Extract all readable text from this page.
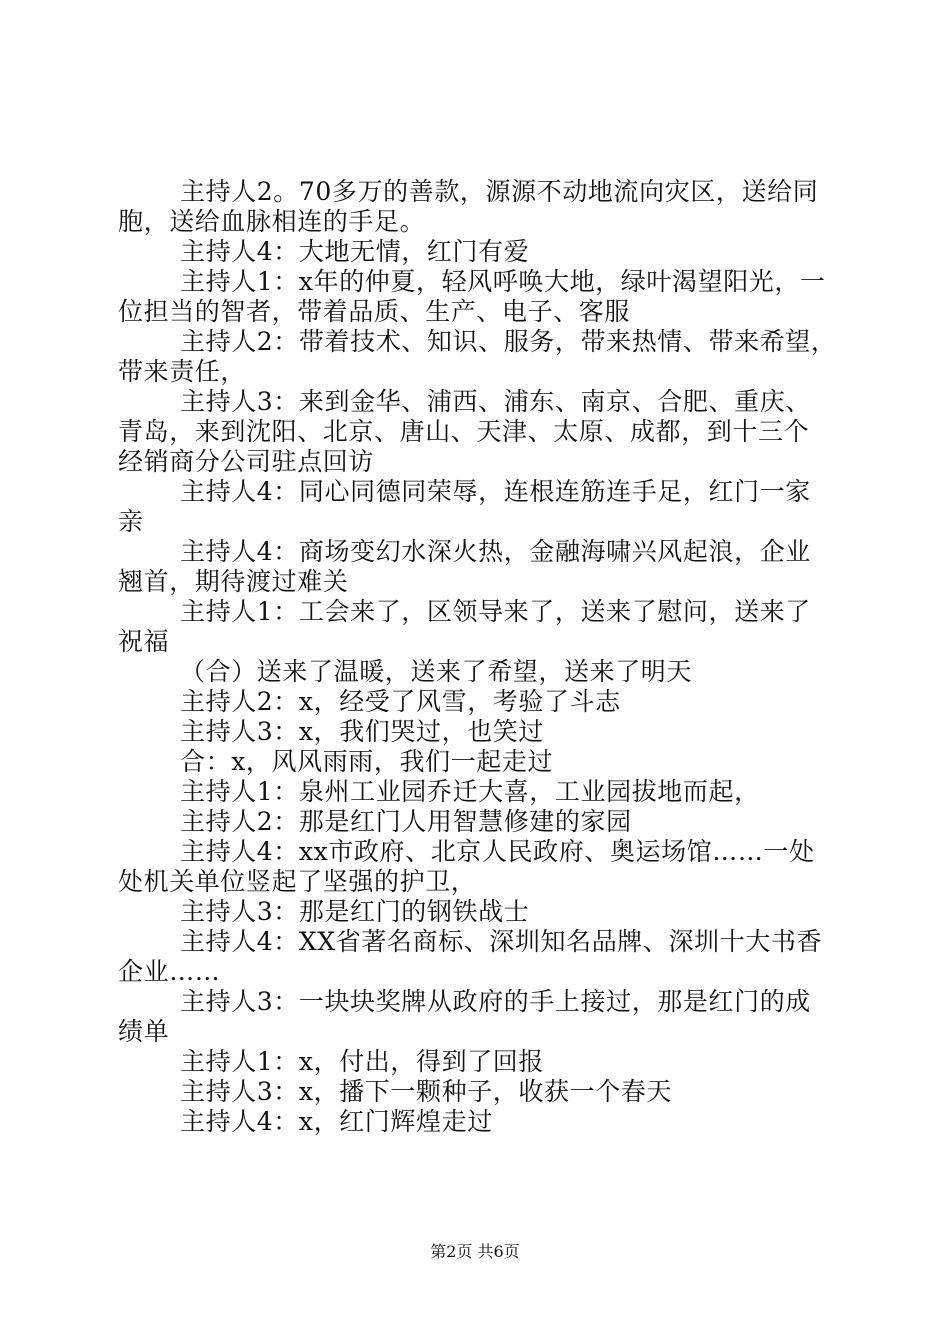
主持人2。70多万的善款，源源不动地流向灾区，送给同
胞，送给血脉相连的手足。
主持人4：大地无情，红门有爱
主持人1：x年的仲夏，轻风呼唤大地，绿叶渴望阳光，一
位担当的智者，带着品质、生产、电子、客服
主持人2：带着技术、知识、服务，带来热情、带来希望，
带来责任，
主持人3：来到金华、浦西、浦东、南京、合肥、重庆、
青岛，来到沈阳、北京、唐山、天津、太原、成都，到十三个
经销商分公司驻点回访
主持人4：同心同德同荣辱，连根连筋连手足，红门一家
亲
主持人4：商场变幻水深火热，金融海啸兴风起浪，企业
翘首，期待渡过难关
主持人1：工会来了，区领导来了，送来了慰问，送来了
祝福
（合）送来了温暖，送来了希望，送来了明天
主持人2：x，经受了风雪，考验了斗志
主持人3：x，我们哭过，也笑过
合：x，风风雨雨，我们一起走过
主持人1：泉州工业园乔迁大喜，工业园拔地而起，
主持人2：那是红门人用智慧修建的家园
主持人4：xx市政府、北京人民政府、奥运场馆……一处
处机关单位竖起了坚强的护卫，
主持人3：那是红门的钢铁战士
主持人4：XX省著名商标、深圳知名品牌、深圳十大书香
企业……
主持人3：一块块奖牌从政府的手上接过，那是红门的成
绩单
主持人1：x，付出，得到了回报
主持人3：x，播下一颗种子，收获一个春天
主持人4：x，红门辉煌走过
第2页 共6页
